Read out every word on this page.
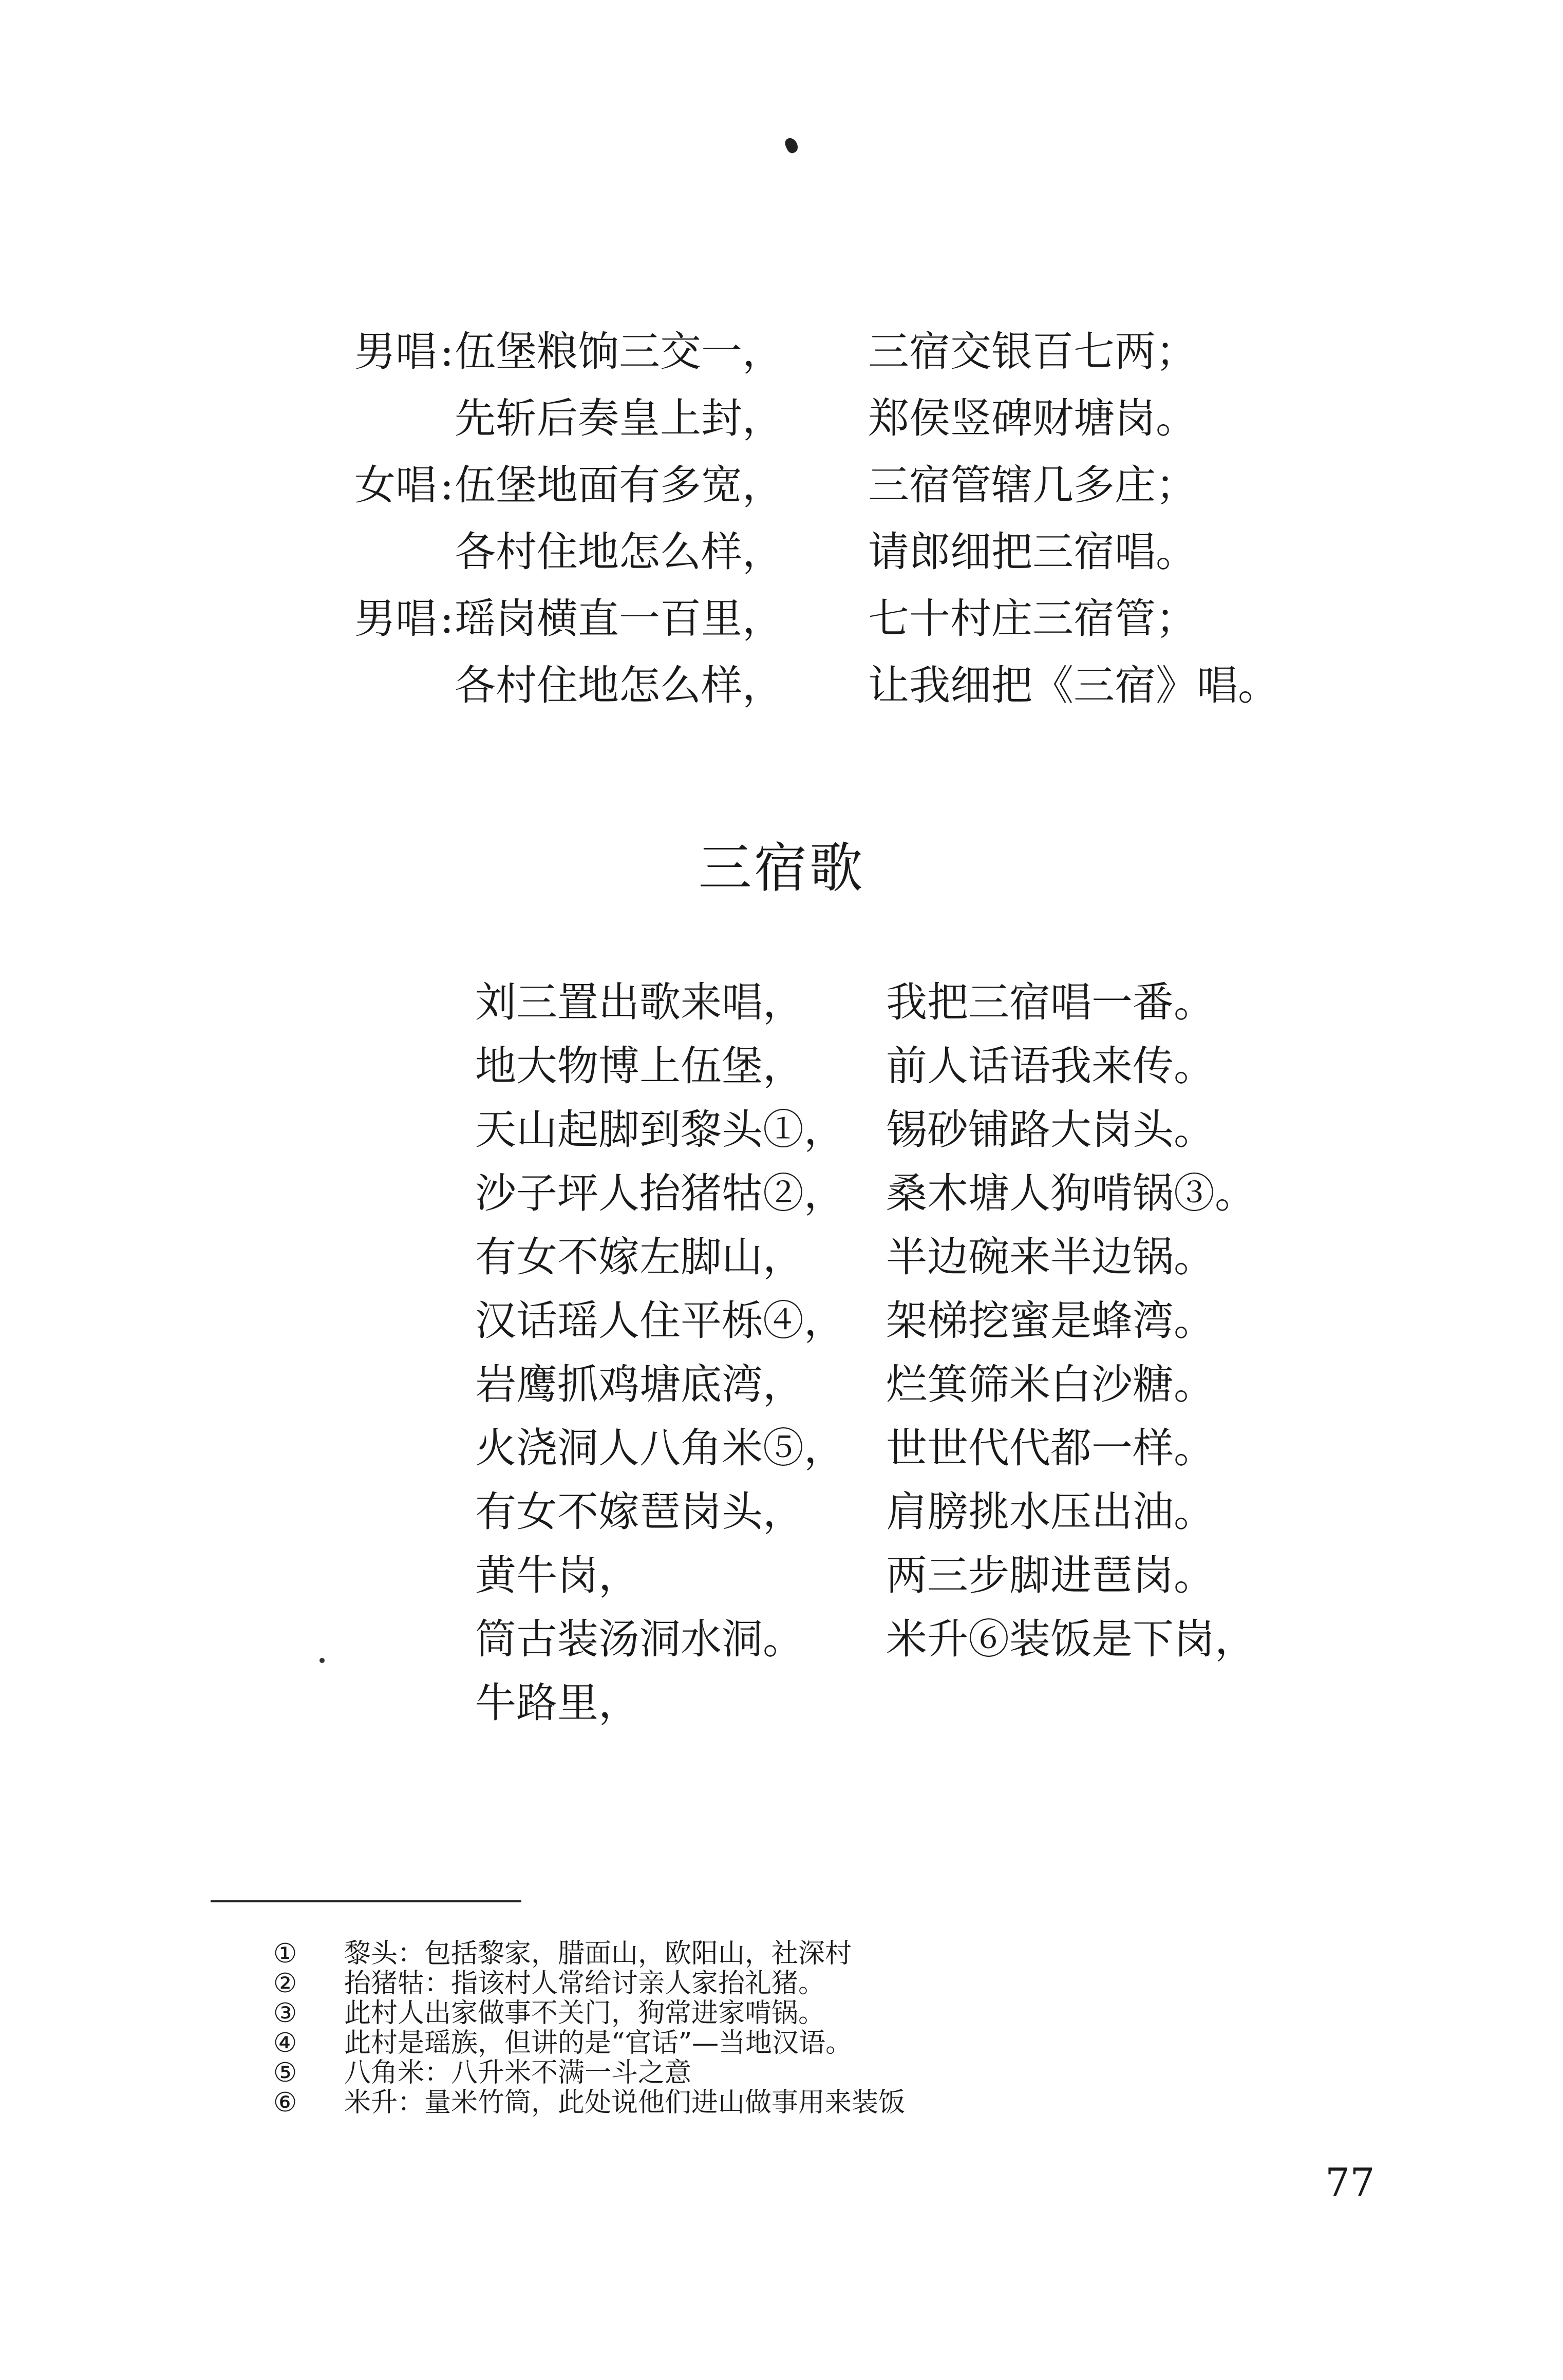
男唱 : 伍堡粮饷三交一， 三宿交银百七两；
先斩后奏皇上封， 郑侯竖碑财塘岗。
女唱 : 伍堡地面有多宽， 三宿管辖几多庄；
各村住地怎么样， 请郎细把三宿唱。
男唱 : 瑶岗横直一百里， 七十村庄三宿管；
各村住地怎么样， 让我细把《三宿》唱。
三宿歌
刘三置出歌来唱， 我把三宿唱一番。
地大物博上伍堡， 前人话语我来传。
天山起脚到黎头①， 锡砂铺路大岗头。
沙子坪人抬猪牯②， 桑木塘人狗啃锅③。
有女不嫁左脚山， 半边碗来半边锅。
汉话瑶人住平栎④， 架梯挖蜜是蜂湾。
岩鹰抓鸡塘底湾， 烂箕筛米白沙糖。
火浇洞人八角米⑤， 世世代代都一样。
有女不嫁琶岗头， 肩膀挑水压出油。
黄牛岗，	两三步脚进琶岗。
筒古装汤洞水洞。 米升⑥装饭是下岗，
牛路里，
① 黎头：包括黎家，腊面山，欧阳山，社深村
② 抬猪牯：指该村人常给讨亲人家抬礼猪。
③ 此村人出家做事不关门，狗常进家啃锅。
④ 此村是瑶族，但讲的是“官话”—当地汉语。
⑤ 八角米：八升米不满一斗之意
⑥ 米升：量米竹筒，此处说他们进山做事用来装饭
77
